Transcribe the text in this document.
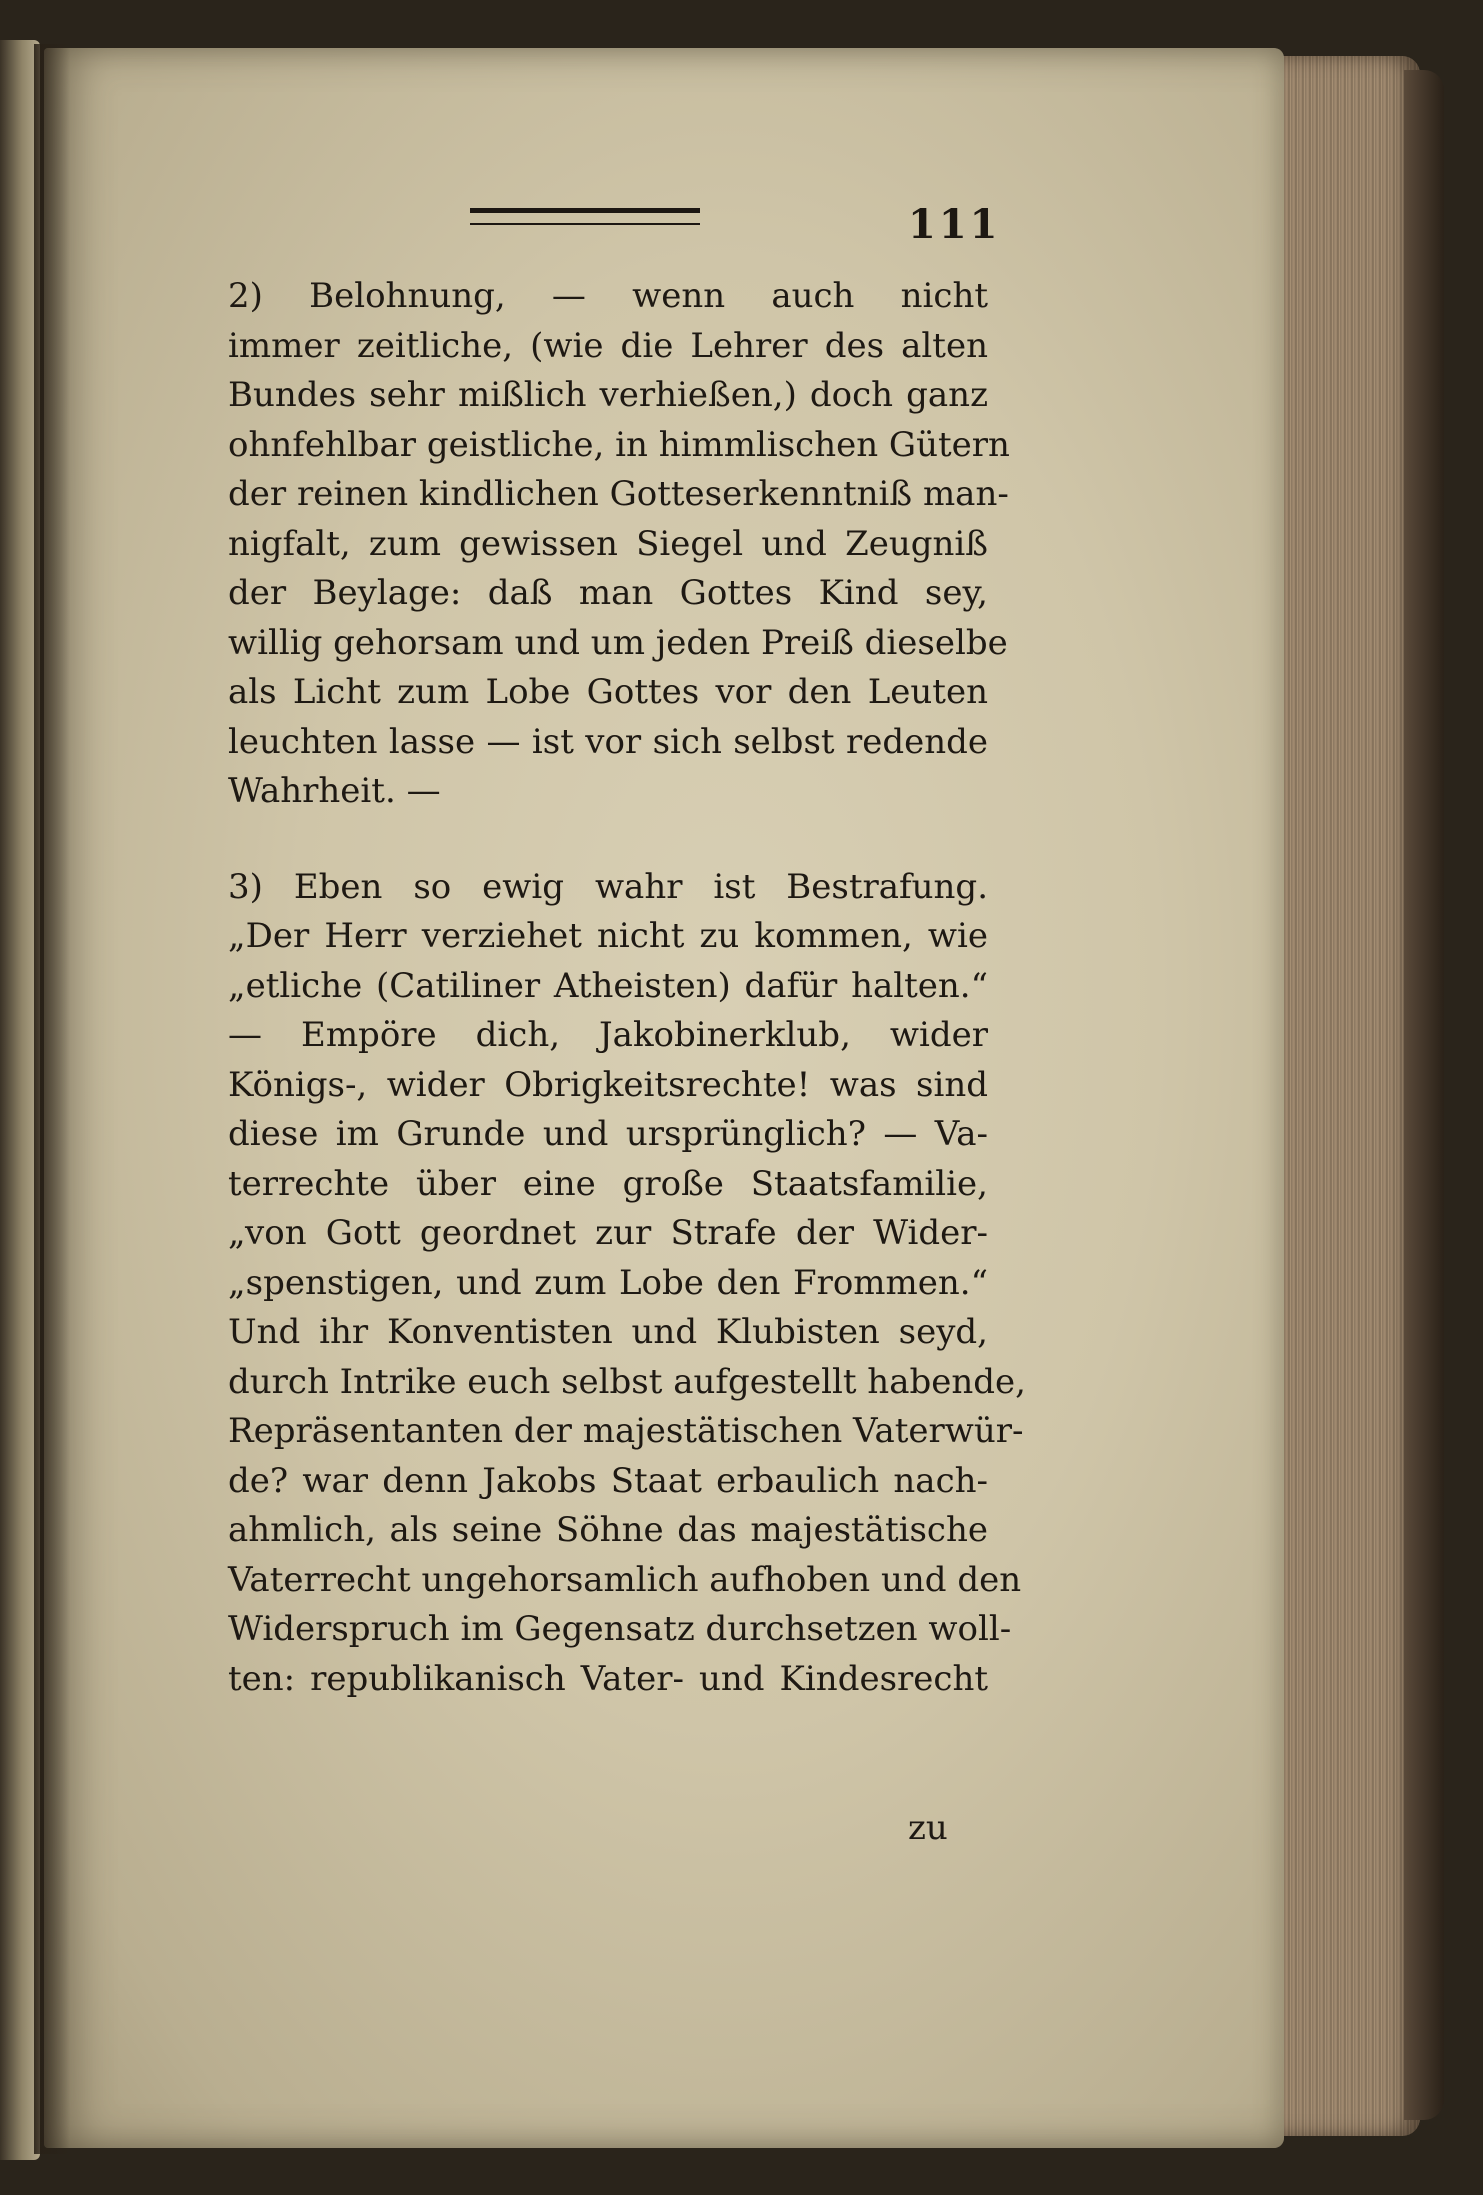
111

2) Belohnung, — wenn auch nicht
immer zeitliche, (wie die Lehrer des alten
Bundes sehr mißlich verhießen,) doch ganz
ohnfehlbar geistliche, in himmlischen Gütern
der reinen kindlichen Gotteserkenntniß man-
nigfalt, zum gewissen Siegel und Zeugniß
der Beylage: daß man Gottes Kind sey,
willig gehorsam und um jeden Preiß dieselbe
als Licht zum Lobe Gottes vor den Leuten
leuchten lasse — ist vor sich selbst redende
Wahrheit. —

3) Eben so ewig wahr ist Bestrafung.
„Der Herr verziehet nicht zu kommen, wie
„etliche (Catiliner Atheisten) dafür halten.“
— Empöre dich, Jakobinerklub, wider
Königs-, wider Obrigkeitsrechte! was sind
diese im Grunde und ursprünglich? — Va-
terrechte über eine große Staatsfamilie,
„von Gott geordnet zur Strafe der Wider-
„spenstigen, und zum Lobe den Frommen.“
Und ihr Konventisten und Klubisten seyd,
durch Intrike euch selbst aufgestellt habende,
Repräsentanten der majestätischen Vaterwür-
de? war denn Jakobs Staat erbaulich nach-
ahmlich, als seine Söhne das majestätische
Vaterrecht ungehorsamlich aufhoben und den
Widerspruch im Gegensatz durchsetzen woll-
ten: republikanisch Vater- und Kindesrecht

zu
